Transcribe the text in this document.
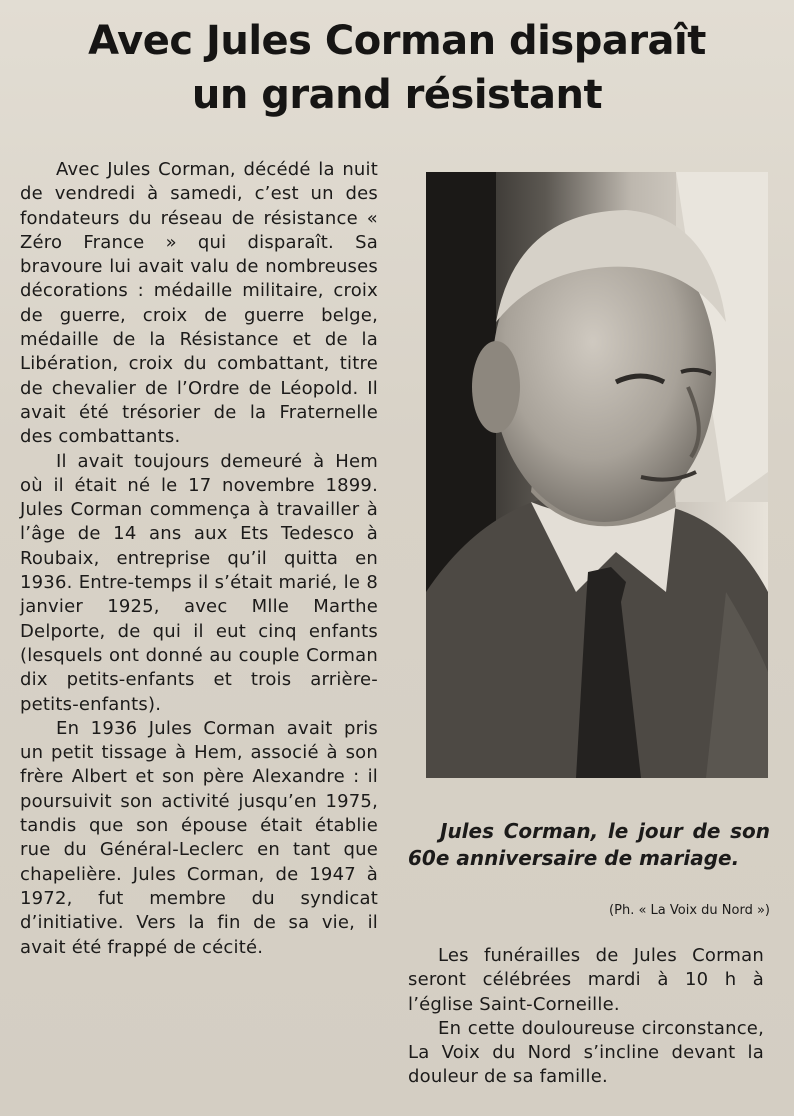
Avec Jules Corman disparaît
un grand résistant

Avec Jules Corman, décédé la nuit de vendredi à samedi, c’est un des fondateurs du réseau de résistance « Zéro France » qui disparaît. Sa bravoure lui avait valu de nombreuses décorations : médaille militaire, croix de guerre, croix de guerre belge, médaille de la Résistance et de la Libération, croix du combattant, titre de chevalier de l’Ordre de Léopold. Il avait été trésorier de la Fraternelle des combattants.

Il avait toujours demeuré à Hem où il était né le 17 novembre 1899. Jules Corman commença à travailler à l’âge de 14 ans aux Ets Tedesco à Roubaix, entreprise qu’il quitta en 1936. Entre-temps il s’était marié, le 8 janvier 1925, avec Mlle Marthe Delporte, de qui il eut cinq enfants (lesquels ont donné au couple Corman dix petits-enfants et trois arrière-petits-enfants).

En 1936 Jules Corman avait pris un petit tissage à Hem, associé à son frère Albert et son père Alexandre : il poursuivit son activité jusqu’en 1975, tandis que son épouse était établie rue du Général-Leclerc en tant que chapelière. Jules Corman, de 1947 à 1972, fut membre du syndicat d’initiative. Vers la fin de sa vie, il avait été frappé de cécité.

Jules Corman, le jour de son 60e anniversaire de mariage.
(Ph. « La Voix du Nord »)

Les funérailles de Jules Corman seront célébrées mardi à 10 h à l’église Saint-Corneille.

En cette douloureuse circonstance, La Voix du Nord s’incline devant la douleur de sa famille.
